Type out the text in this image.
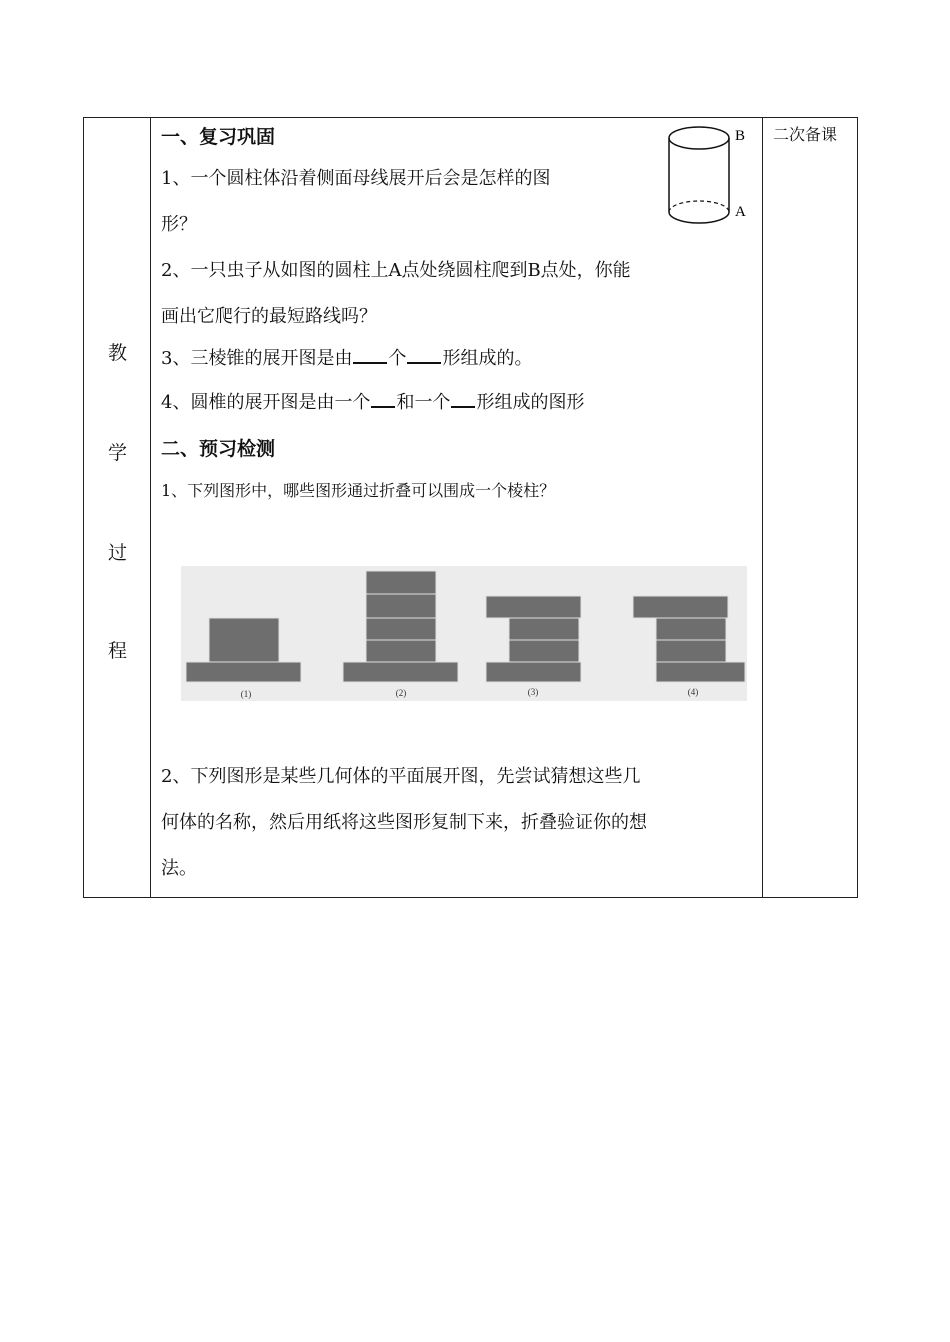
教
学
过
程
一、复习巩固
1、一个圆柱体沿着侧面母线展开后会是怎样的图
形？
B
A
2、一只虫子从如图的圆柱上A点处绕圆柱爬到B点处，你能
画出它爬行的最短路线吗？
3、三棱锥的展开图是由 个 形组成的。
4、圆椎的展开图是由一个 和一个 形组成的图形
二、预习检测
1、下列图形中，哪些图形通过折叠可以围成一个棱柱？
(1)	(2)	(3)	(4)
2、下列图形是某些几何体的平面展开图，先尝试猜想这些几
何体的名称，然后用纸将这些图形复制下来，折叠验证你的想
法。
二次备课
